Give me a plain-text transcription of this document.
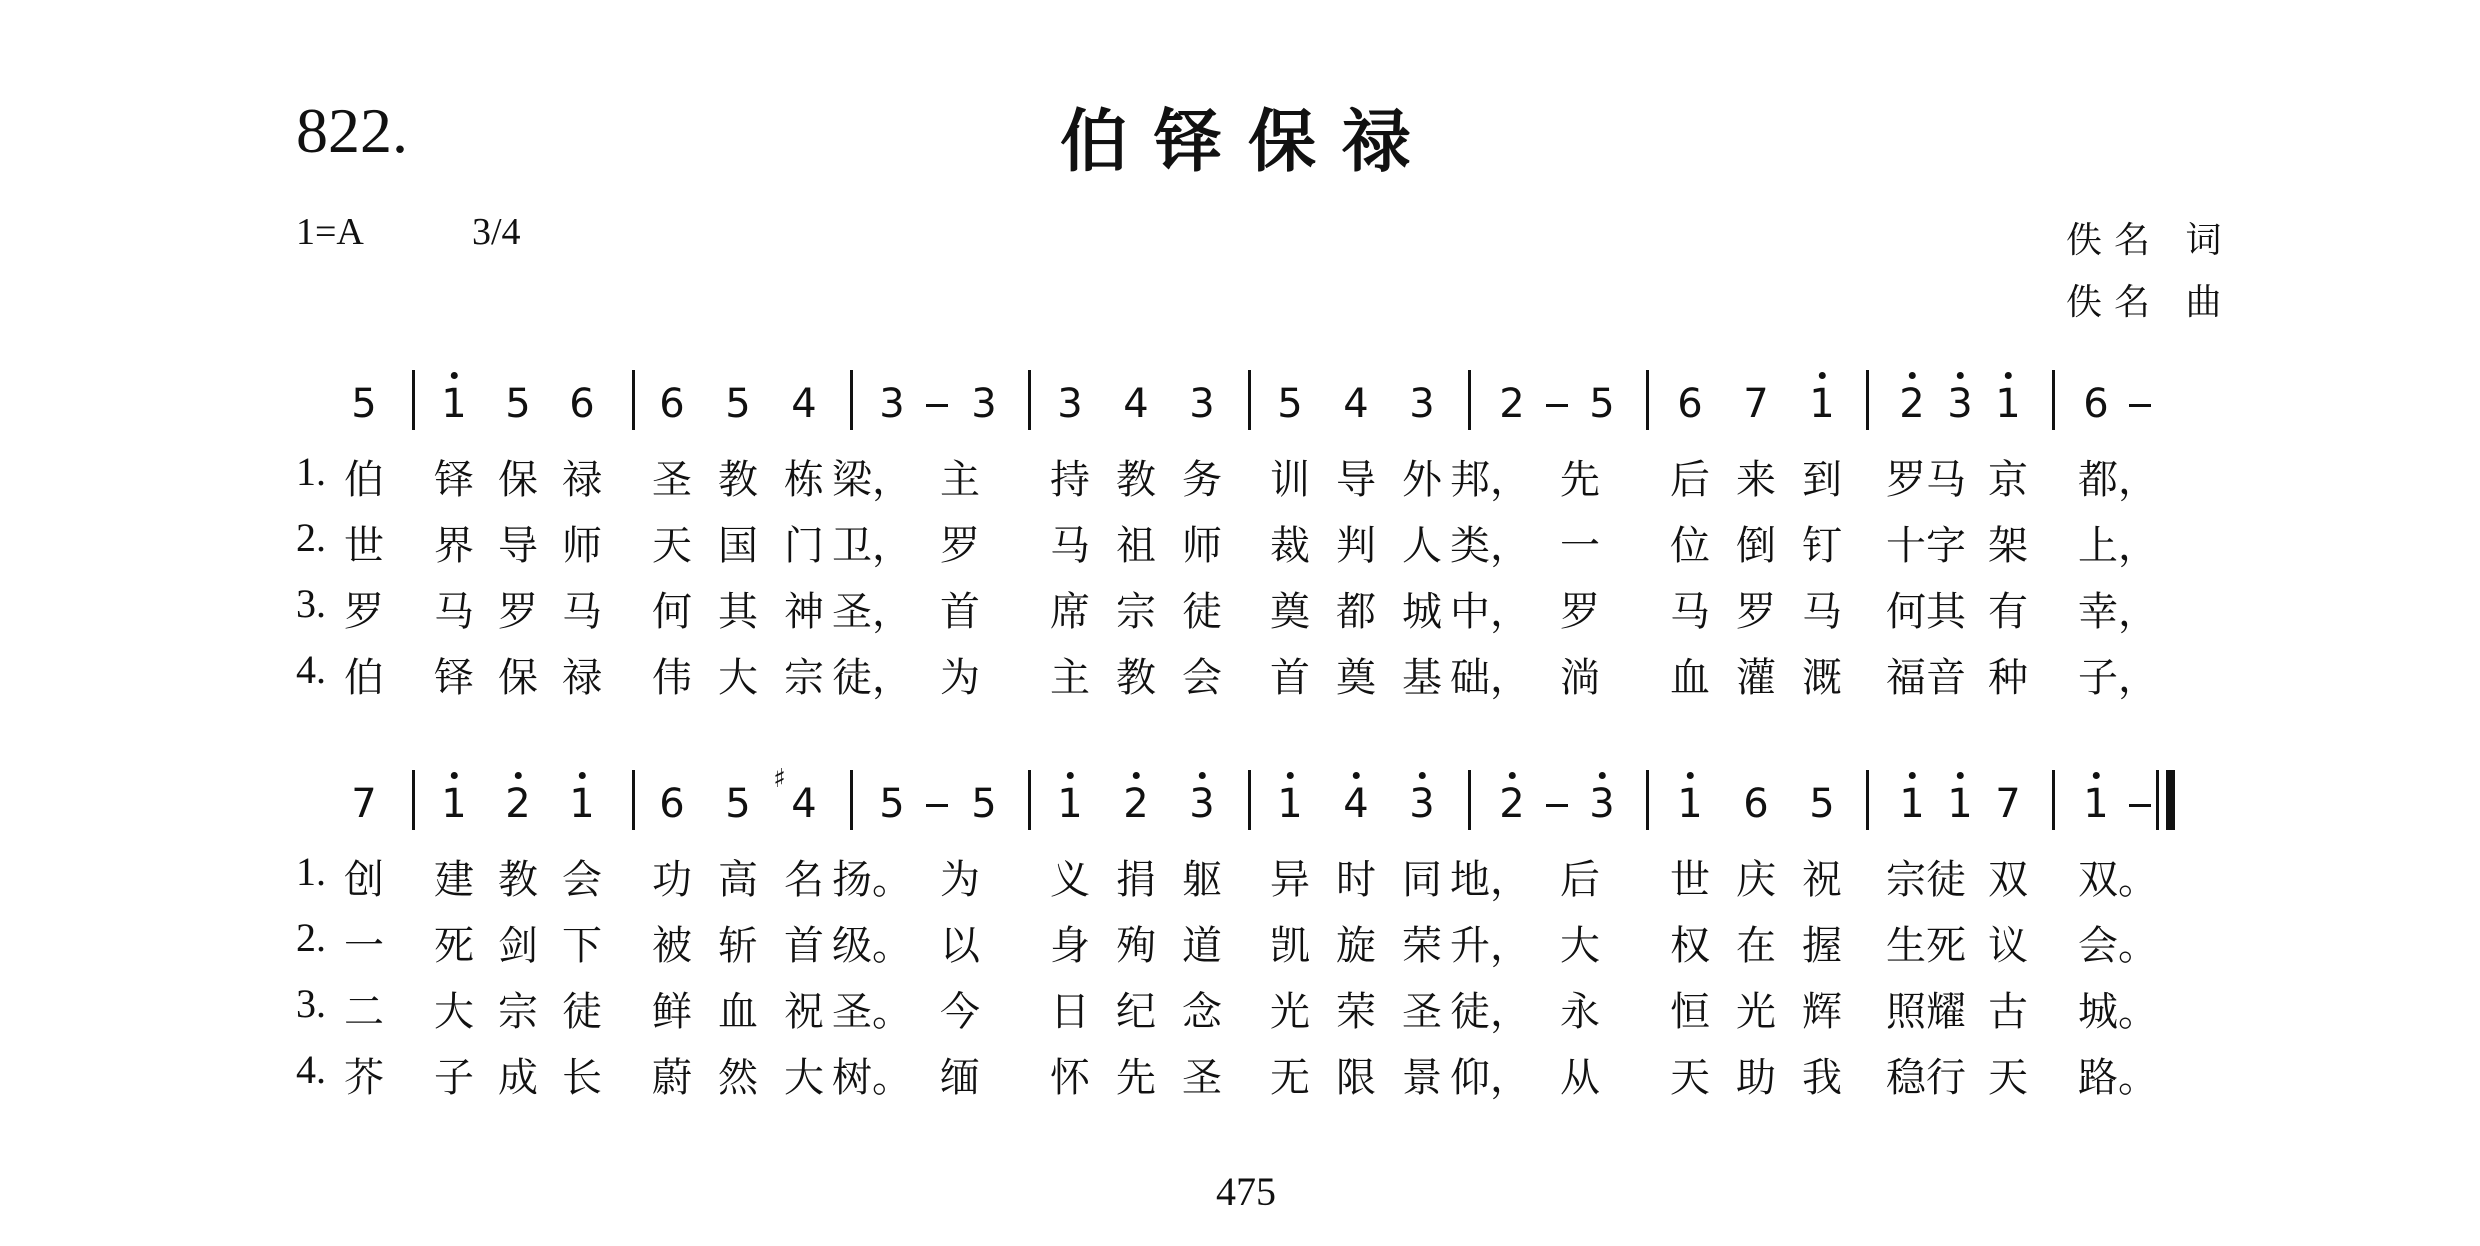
822.	伯铎保禄
1=A	3/4	佚名 词
佚名 曲
5 1 5 6 6 5 4 3 3 3 4 3 5 4 3 2 5 6 7 1 2 3 1 6
1. 伯 铎 保 禄 圣 教 栋 梁， 主 持 教 务 训 导 外 邦， 先 后 来 到 罗马 京 都，
2. 世 界 导 师 天 国 门 卫， 罗 马 祖 师 裁 判 人 类， 一 位 倒 钉 十字 架 上，
3. 罗 马 罗 马 何 其 神 圣， 首 席 宗 徒 奠 都 城 中， 罗 马 罗 马 何其 有 幸，
4. 伯 铎 保 禄 伟 大 宗 徒， 为 主 教 会 首 奠 基 础， 淌 血 灌 溉 福音 种 子，
7 1 2 1 6 5 4
♯
5 5 1 2 3 1 4 3 2 3 1 6 5 1 1 7 1
1. 创 建 教 会 功 高 名 扬。 为 义 捐 躯 异 时 同 地， 后 世 庆 祝 宗徒 双 双。
2. 一 死 剑 下 被 斩 首 级。 以 身 殉 道 凯 旋 荣 升， 大 权 在 握 生死 议 会。
3. 二 大 宗 徒 鲜 血 祝 圣。 今 日 纪 念 光 荣 圣 徒， 永 恒 光 辉 照耀 古 城。
4. 芥 子 成 长 蔚 然 大 树。 缅 怀 先 圣 无 限 景 仰， 从 天 助 我 稳行 天 路。
475
